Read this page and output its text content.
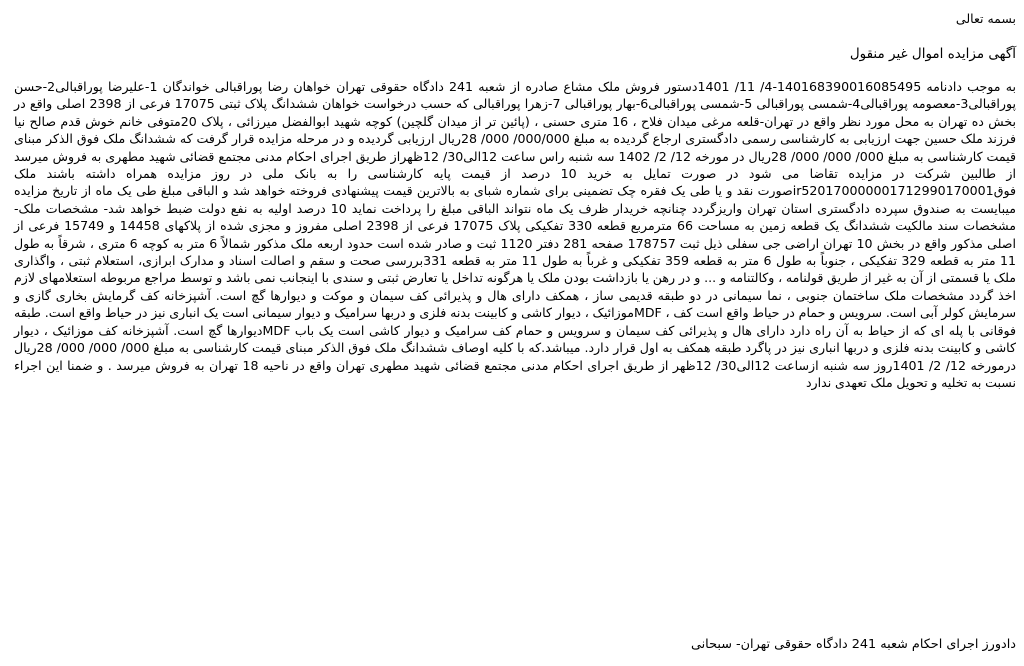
بسمه تعالی
آگهی مزایده اموال غیر منقول

به موجب دادنامه 140168390016085495-4/ 11/ 1401دستور فروش ملک مشاع صادره از شعبه 241 دادگاه حقوقی تهران خواهان رضا پوراقبالی خواندگان 1-علیرضا پوراقبالی2-حسن پوراقبالی3-معصومه پوراقبالی4-شمسی پوراقبالی 5-شمسی پوراقبالی6-بهار پوراقبالی 7-زهرا پوراقبالی که حسب درخواست خواهان ششدانگ پلاک ثبتی 17075 فرعی از 2398 اصلی واقع در بخش ده تهران به محل مورد نظر واقع در تهران-قلعه مرغی میدان فلاح ، 16 متری حسنی ، (پائین تر از میدان گلچین) کوچه شهید ابوالفضل میرزائی ، پلاک 20متوفی خانم خوش قدم صالح نیا فرزند ملک حسین جهت ارزیابی به کارشناسی رسمی دادگستری ارجاع گردیده به مبلغ 000/000/ 000/ 28ریال ارزیابی گردیده و در مرحله مزایده قرار گرفت که ششدانگ ملک فوق الذکر مبنای قیمت کارشناسی به مبلغ 000/ 000/ 000/ 28ریال در مورخه 12/ 2/ 1402 سه شنبه راس ساعت 12الی30/ 12ظهراز طریق اجرای احکام مدنی مجتمع قضائی شهید مطهری به فروش میرسد از طالبین شرکت در مزایده تقاضا می شود در صورت تمایل به خرید 10 درصد از قیمت پایه کارشناسی را به بانک ملی در روز مزایده همراه داشته باشند ملک فوقir520170000001712990170001صورت نقد و یا طی یک فقره چک تضمینی برای شماره شبای به بالاترین قیمت پیشنهادی فروخته خواهد شد و الباقی مبلغ طی یک ماه از تاریخ مزایده میبایست به صندوق سپرده دادگستری استان تهران واریزگردد چنانچه خریدار ظرف یک ماه نتواند الباقی مبلغ را پرداخت نماید 10 درصد اولیه به نفع دولت ضبط خواهد شد- مشخصات ملک-مشخصات سند مالکیت ششدانگ یک قطعه زمین به مساحت 66 مترمربع قطعه 330 تفکیکی پلاک 17075 فرعی از 2398 اصلی مفروز و مجزی شده از پلاکهای 14458 و 15749 فرعی از اصلی مذکور واقع در بخش 10 تهران اراضی جی سفلی ذیل ثبت 178757 صفحه 281 دفتر 1120 ثبت و صادر شده است حدود اربعه ملک مذکور شمالاً 6 متر به کوچه 6 متری ، شرقاً به طول 11 متر به قطعه 329 تفکیکی ، جنوباً به طول 6 متر به قطعه 359 تفکیکی و غرباً به طول 11 متر به قطعه 331بررسی صحت و سقم و اصالت اسناد و مدارک ابرازی، استعلام ثبتی ، واگذاری ملک یا قسمتی از آن به غیر از طریق قولنامه ، وکالتنامه و ... و در رهن یا بازداشت بودن ملک یا هرگونه تداخل یا تعارض ثبتی و سندی با اینجانب نمی باشد و توسط مراجع مربوطه استعلامهای لازم اخذ گردد مشخصات ملک ساختمان جنوبی ، نما سیمانی در دو طبقه قدیمی ساز ، همکف دارای هال و پذیرائی کف سیمان و موکت و دیوارها گچ است. آشپزخانه کف گرمایش بخاری گازی و سرمایش کولر آبی است. سرویس و حمام در حیاط واقع است کف ، MDFموزائیک ، دیوار کاشی و کابینت بدنه فلزی و دربها سرامیک و دیوار سیمانی است یک انباری نیز در حیاط واقع است. طبقه فوقانی با پله ای که از حیاط به آن راه دارد دارای هال و پذیرائی کف سیمان و سرویس و حمام کف سرامیک و دیوار کاشی است یک باب MDFدیوارها گچ است. آشپزخانه کف موزائیک ، دیوار کاشی و کابینت بدنه فلزی و دربها انباری نیز در پاگرد طبقه همکف به اول قرار دارد. میباشد.که با کلیه اوصاف ششدانگ ملک فوق الذکر مبنای قیمت کارشناسی به مبلغ 000/ 000/ 000/ 28ریال درمورخه 12/ 2/ 1401روز سه شنبه ازساعت 12الی30/ 12ظهر از طریق اجرای احکام مدنی مجتمع قضائی شهید مطهری تهران واقع در ناحیه 18 تهران به فروش میرسد . و ضمنا این اجراء نسبت به تخلیه و تحویل ملک تعهدی ندارد

دادورز اجرای احکام شعبه 241 دادگاه حقوقی تهران- سبحانی
